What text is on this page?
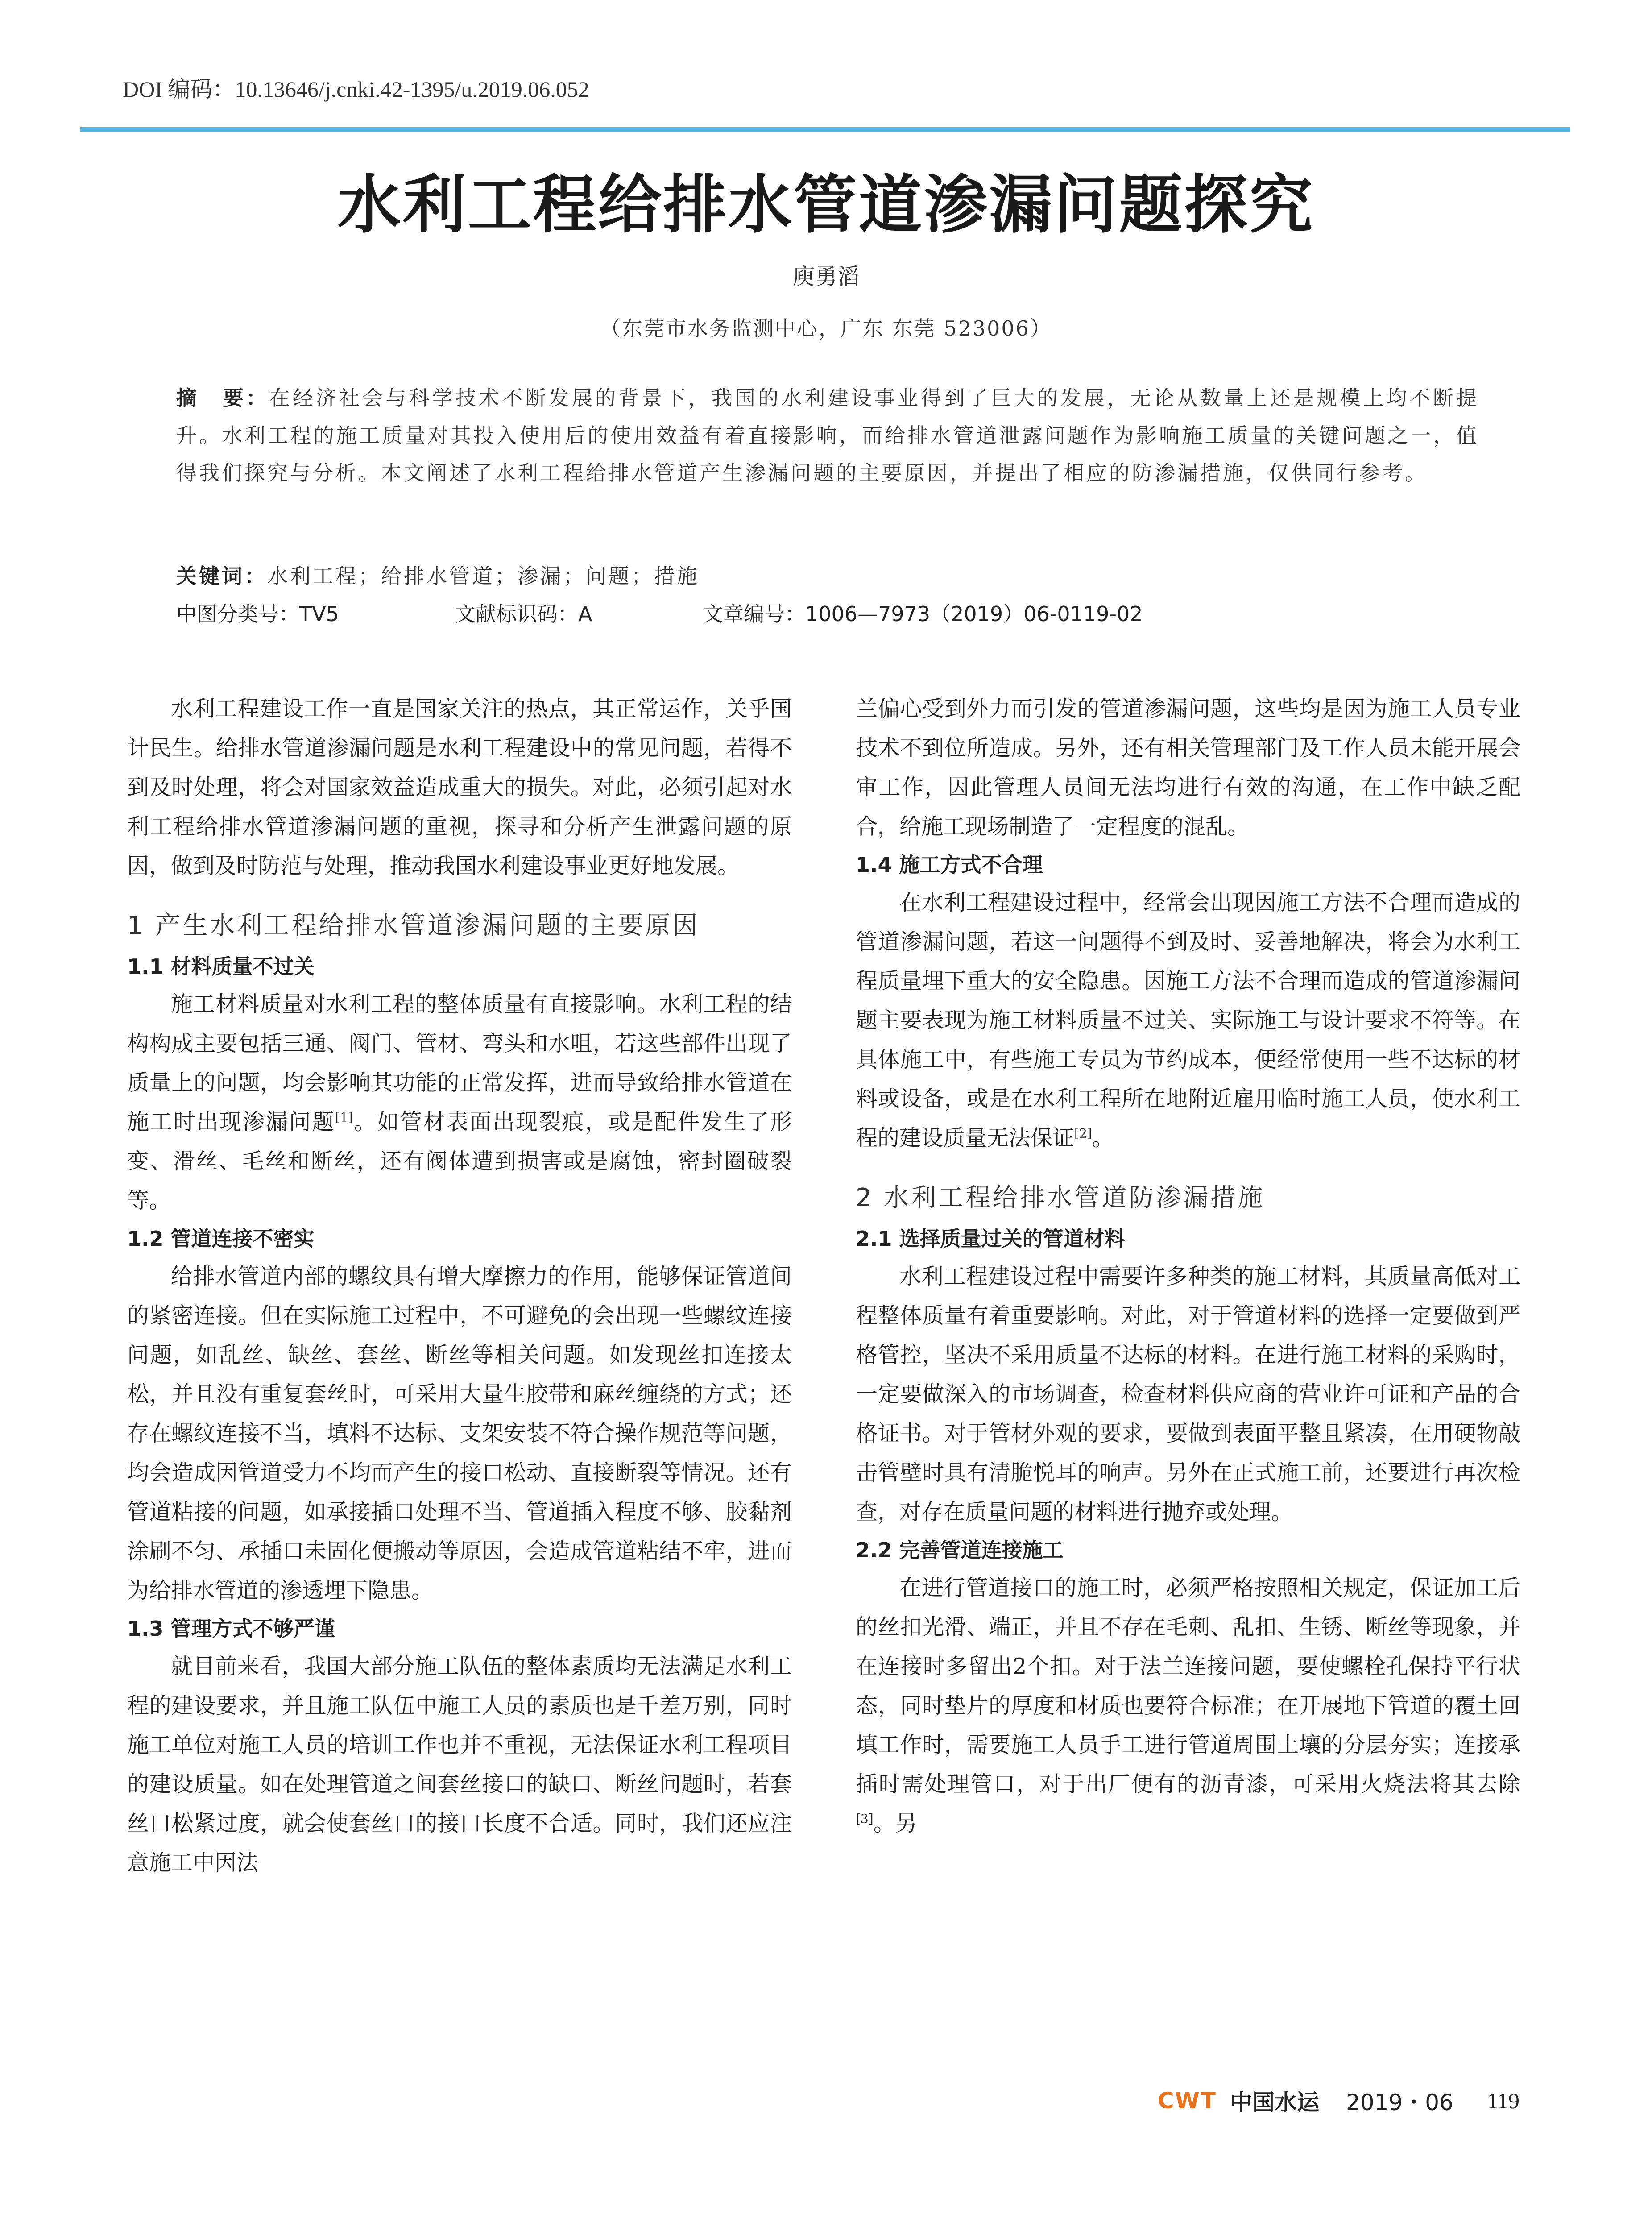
DOI 编码：10.13646/j.cnki.42-1395/u.2019.06.052
水利工程给排水管道渗漏问题探究
庾勇滔
（东莞市水务监测中心，广东 东莞 523006）
摘　要：在经济社会与科学技术不断发展的背景下，我国的水利建设事业得到了巨大的发展，无论从数量上还是规模上均不断提升。水利工程的施工质量对其投入使用后的使用效益有着直接影响，而给排水管道泄露问题作为影响施工质量的关键问题之一，值得我们探究与分析。本文阐述了水利工程给排水管道产生渗漏问题的主要原因，并提出了相应的防渗漏措施，仅供同行参考。
关键词：水利工程；给排水管道；渗漏；问题；措施
中图分类号：TV5	文献标识码：A	文章编号：1006—7973（2019）06-0119-02

水利工程建设工作一直是国家关注的热点，其正常运作，关乎国计民生。给排水管道渗漏问题是水利工程建设中的常见问题，若得不到及时处理，将会对国家效益造成重大的损失。对此，必须引起对水利工程给排水管道渗漏问题的重视，探寻和分析产生泄露问题的原因，做到及时防范与处理，推动我国水利建设事业更好地发展。

1 产生水利工程给排水管道渗漏问题的主要原因
1.1 材料质量不过关

施工材料质量对水利工程的整体质量有直接影响。水利工程的结构构成主要包括三通、阀门、管材、弯头和水咀，若这些部件出现了质量上的问题，均会影响其功能的正常发挥，进而导致给排水管道在施工时出现渗漏问题[1]。如管材表面出现裂痕，或是配件发生了形变、滑丝、毛丝和断丝，还有阀体遭到损害或是腐蚀，密封圈破裂等。

1.2 管道连接不密实

给排水管道内部的螺纹具有增大摩擦力的作用，能够保证管道间的紧密连接。但在实际施工过程中，不可避免的会出现一些螺纹连接问题，如乱丝、缺丝、套丝、断丝等相关问题。如发现丝扣连接太松，并且没有重复套丝时，可采用大量生胶带和麻丝缠绕的方式；还存在螺纹连接不当，填料不达标、支架安装不符合操作规范等问题，均会造成因管道受力不均而产生的接口松动、直接断裂等情况。还有管道粘接的问题，如承接插口处理不当、管道插入程度不够、胶黏剂涂刷不匀、承插口未固化便搬动等原因，会造成管道粘结不牢，进而为给排水管道的渗透埋下隐患。

1.3 管理方式不够严谨

就目前来看，我国大部分施工队伍的整体素质均无法满足水利工程的建设要求，并且施工队伍中施工人员的素质也是千差万别，同时施工单位对施工人员的培训工作也并不重视，无法保证水利工程项目的建设质量。如在处理管道之间套丝接口的缺口、断丝问题时，若套丝口松紧过度，就会使套丝口的接口长度不合适。同时，我们还应注意施工中因法

兰偏心受到外力而引发的管道渗漏问题，这些均是因为施工人员专业技术不到位所造成。另外，还有相关管理部门及工作人员未能开展会审工作，因此管理人员间无法均进行有效的沟通，在工作中缺乏配合，给施工现场制造了一定程度的混乱。

1.4 施工方式不合理

在水利工程建设过程中，经常会出现因施工方法不合理而造成的管道渗漏问题，若这一问题得不到及时、妥善地解决，将会为水利工程质量埋下重大的安全隐患。因施工方法不合理而造成的管道渗漏问题主要表现为施工材料质量不过关、实际施工与设计要求不符等。在具体施工中，有些施工专员为节约成本，便经常使用一些不达标的材料或设备，或是在水利工程所在地附近雇用临时施工人员，使水利工程的建设质量无法保证[2]。

2 水利工程给排水管道防渗漏措施
2.1 选择质量过关的管道材料

水利工程建设过程中需要许多种类的施工材料，其质量高低对工程整体质量有着重要影响。对此，对于管道材料的选择一定要做到严格管控，坚决不采用质量不达标的材料。在进行施工材料的采购时，一定要做深入的市场调查，检查材料供应商的营业许可证和产品的合格证书。对于管材外观的要求，要做到表面平整且紧凑，在用硬物敲击管壁时具有清脆悦耳的响声。另外在正式施工前，还要进行再次检查，对存在质量问题的材料进行抛弃或处理。

2.2 完善管道连接施工

在进行管道接口的施工时，必须严格按照相关规定，保证加工后的丝扣光滑、端正，并且不存在毛刺、乱扣、生锈、断丝等现象，并在连接时多留出2个扣。对于法兰连接问题，要使螺栓孔保持平行状态，同时垫片的厚度和材质也要符合标准；在开展地下管道的覆土回填工作时，需要施工人员手工进行管道周围土壤的分层夯实；连接承插时需处理管口，对于出厂便有的沥青漆，可采用火烧法将其去除[3]。另

CWT 中国水运 2019・06 119
